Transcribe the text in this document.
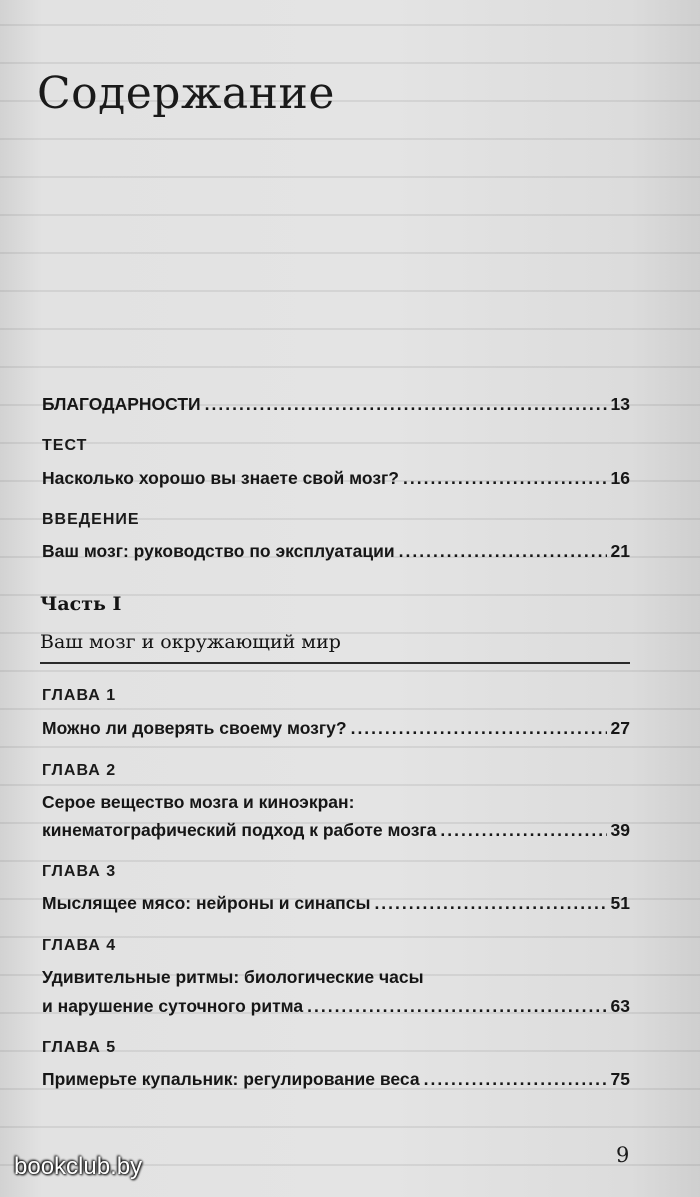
Содержание
БЛАГОДАРНОСТИ .....	13
ТЕСТ
Насколько хорошо вы знаете свой мозг? .....	16
ВВЕДЕНИЕ
Ваш мозг: руководство по эксплуатации .....	21
Часть I
Ваш мозг и окружающий мир
ГЛАВА 1
Можно ли доверять своему мозгу? .....	27
ГЛАВА 2
Серое вещество мозга и киноэкран:
кинематографический подход к работе мозга .....	39
ГЛАВА 3
Мыслящее мясо: нейроны и синапсы .....	51
ГЛАВА 4
Удивительные ритмы: биологические часы
и нарушение суточного ритма .....	63
ГЛАВА 5
Примерьте купальник: регулирование веса .....	75
9
bookclub.by
